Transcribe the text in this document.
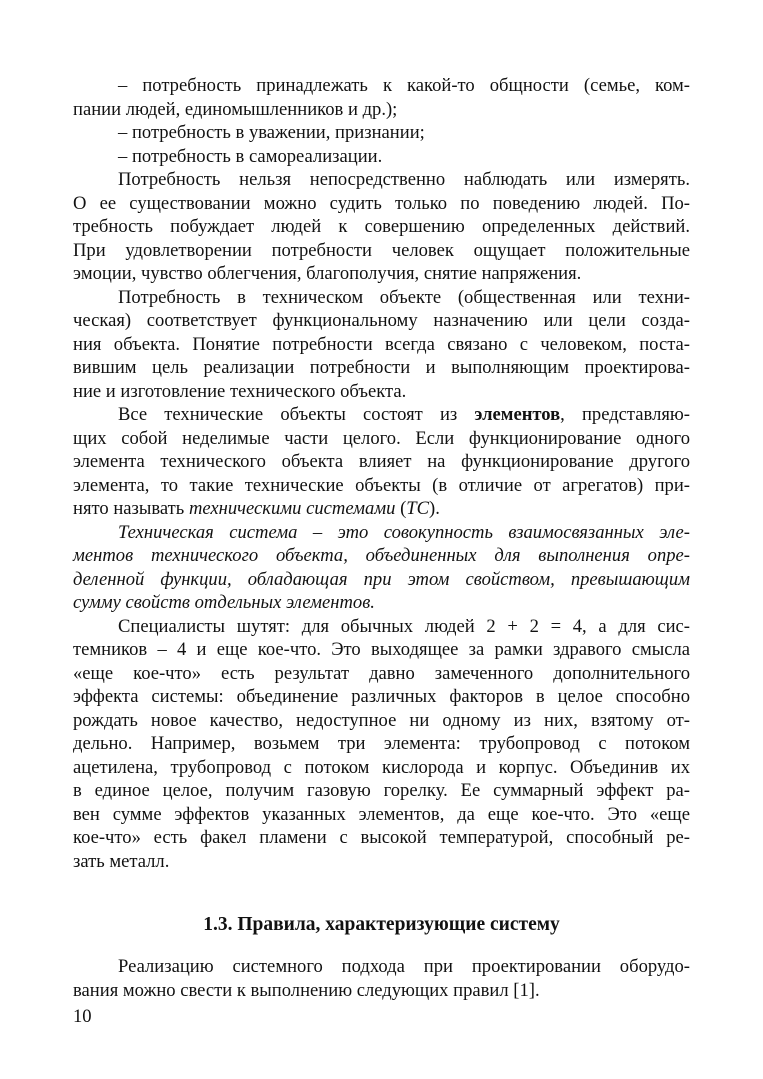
– потребность принадлежать к какой-то общности (семье, ком-
пании людей, единомышленников и др.);
– потребность в уважении, признании;
– потребность в самореализации.
Потребность нельзя непосредственно наблюдать или измерять.
О ее существовании можно судить только по поведению людей. По-
требность побуждает людей к совершению определенных действий.
При удовлетворении потребности человек ощущает положительные
эмоции, чувство облегчения, благополучия, снятие напряжения.
Потребность в техническом объекте (общественная или техни-
ческая) соответствует функциональному назначению или цели созда-
ния объекта. Понятие потребности всегда связано с человеком, поста-
вившим цель реализации потребности и выполняющим проектирова-
ние и изготовление технического объекта.
Все технические объекты состоят из элементов, представляю-
щих собой неделимые части целого. Если функционирование одного
элемента технического объекта влияет на функционирование другого
элемента, то такие технические объекты (в отличие от агрегатов) при-
нято называть техническими системами (ТС).
Техническая система – это совокупность взаимосвязанных эле-
ментов технического объекта, объединенных для выполнения опре-
деленной функции, обладающая при этом свойством, превышающим
сумму свойств отдельных элементов.
Специалисты шутят: для обычных людей 2 + 2 = 4, а для сис-
темников – 4 и еще кое-что. Это выходящее за рамки здравого смысла
«еще кое-что» есть результат давно замеченного дополнительного
эффекта системы: объединение различных факторов в целое способно
рождать новое качество, недоступное ни одному из них, взятому от-
дельно. Например, возьмем три элемента: трубопровод с потоком
ацетилена, трубопровод с потоком кислорода и корпус. Объединив их
в единое целое, получим газовую горелку. Ее суммарный эффект ра-
вен сумме эффектов указанных элементов, да еще кое-что. Это «еще
кое-что» есть факел пламени с высокой температурой, способный ре-
зать металл.
1.3. Правила, характеризующие систему
Реализацию системного подхода при проектировании оборудо-
вания можно свести к выполнению следующих правил [1].
10
